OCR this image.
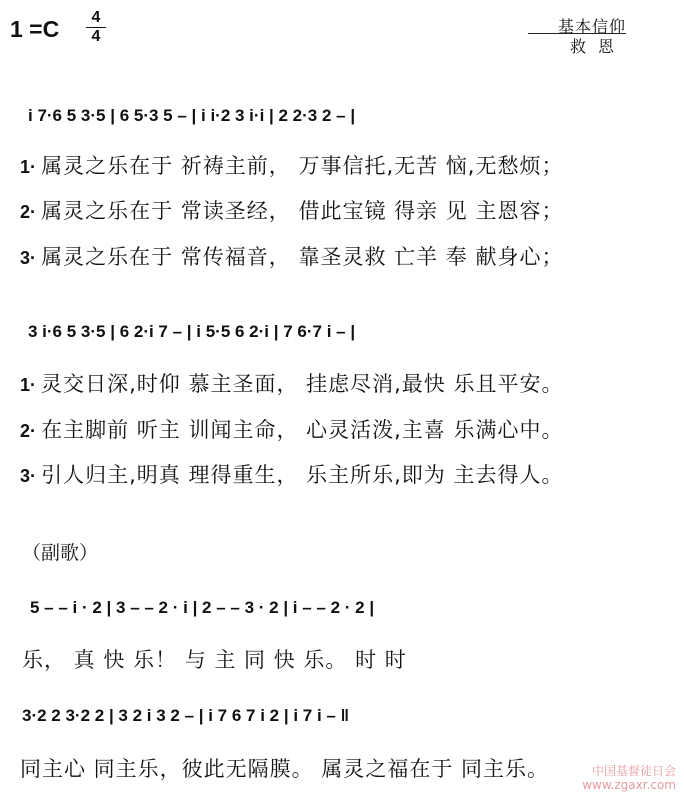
1 =C	4
4
基本信仰
救恩
i 7·6 5 3·5 | 6 5·3 5 – | i i·2 3 i·i | 2 2·3 2 – |
1· 属灵之乐在于 祈祷主前， 万事信托,无苦 恼,无愁烦；
2· 属灵之乐在于 常读圣经， 借此宝镜 得亲 见 主恩容；
3· 属灵之乐在于 常传福音， 靠圣灵救 亡羊 奉 献身心；
3 i·6 5 3·5 | 6 2·i 7 – | i 5·5 6 2·i | 7 6·7 i – |
1· 灵交日深,时仰 慕主圣面， 挂虑尽消,最快 乐且平安。
2· 在主脚前 听主 训闻主命， 心灵活泼,主喜 乐满心中。
3· 引人归主,明真 理得重生， 乐主所乐,即为 主去得人。
（副歌）
5 – – i · 2 | 3 – – 2 · i | 2 – – 3 · 2 | i – – 2 · 2 |
乐， 真 快 乐！ 与 主 同 快 乐。 时 时
3·2 2 3·2 2 | 3 2 i 3 2 – | i 7 6 7 i 2 | i 7 i – ‖
同主心 同主乐，彼此无隔膜。 属灵之福在于 同主乐。	中国基督徒日会
www.zgaxr.com
